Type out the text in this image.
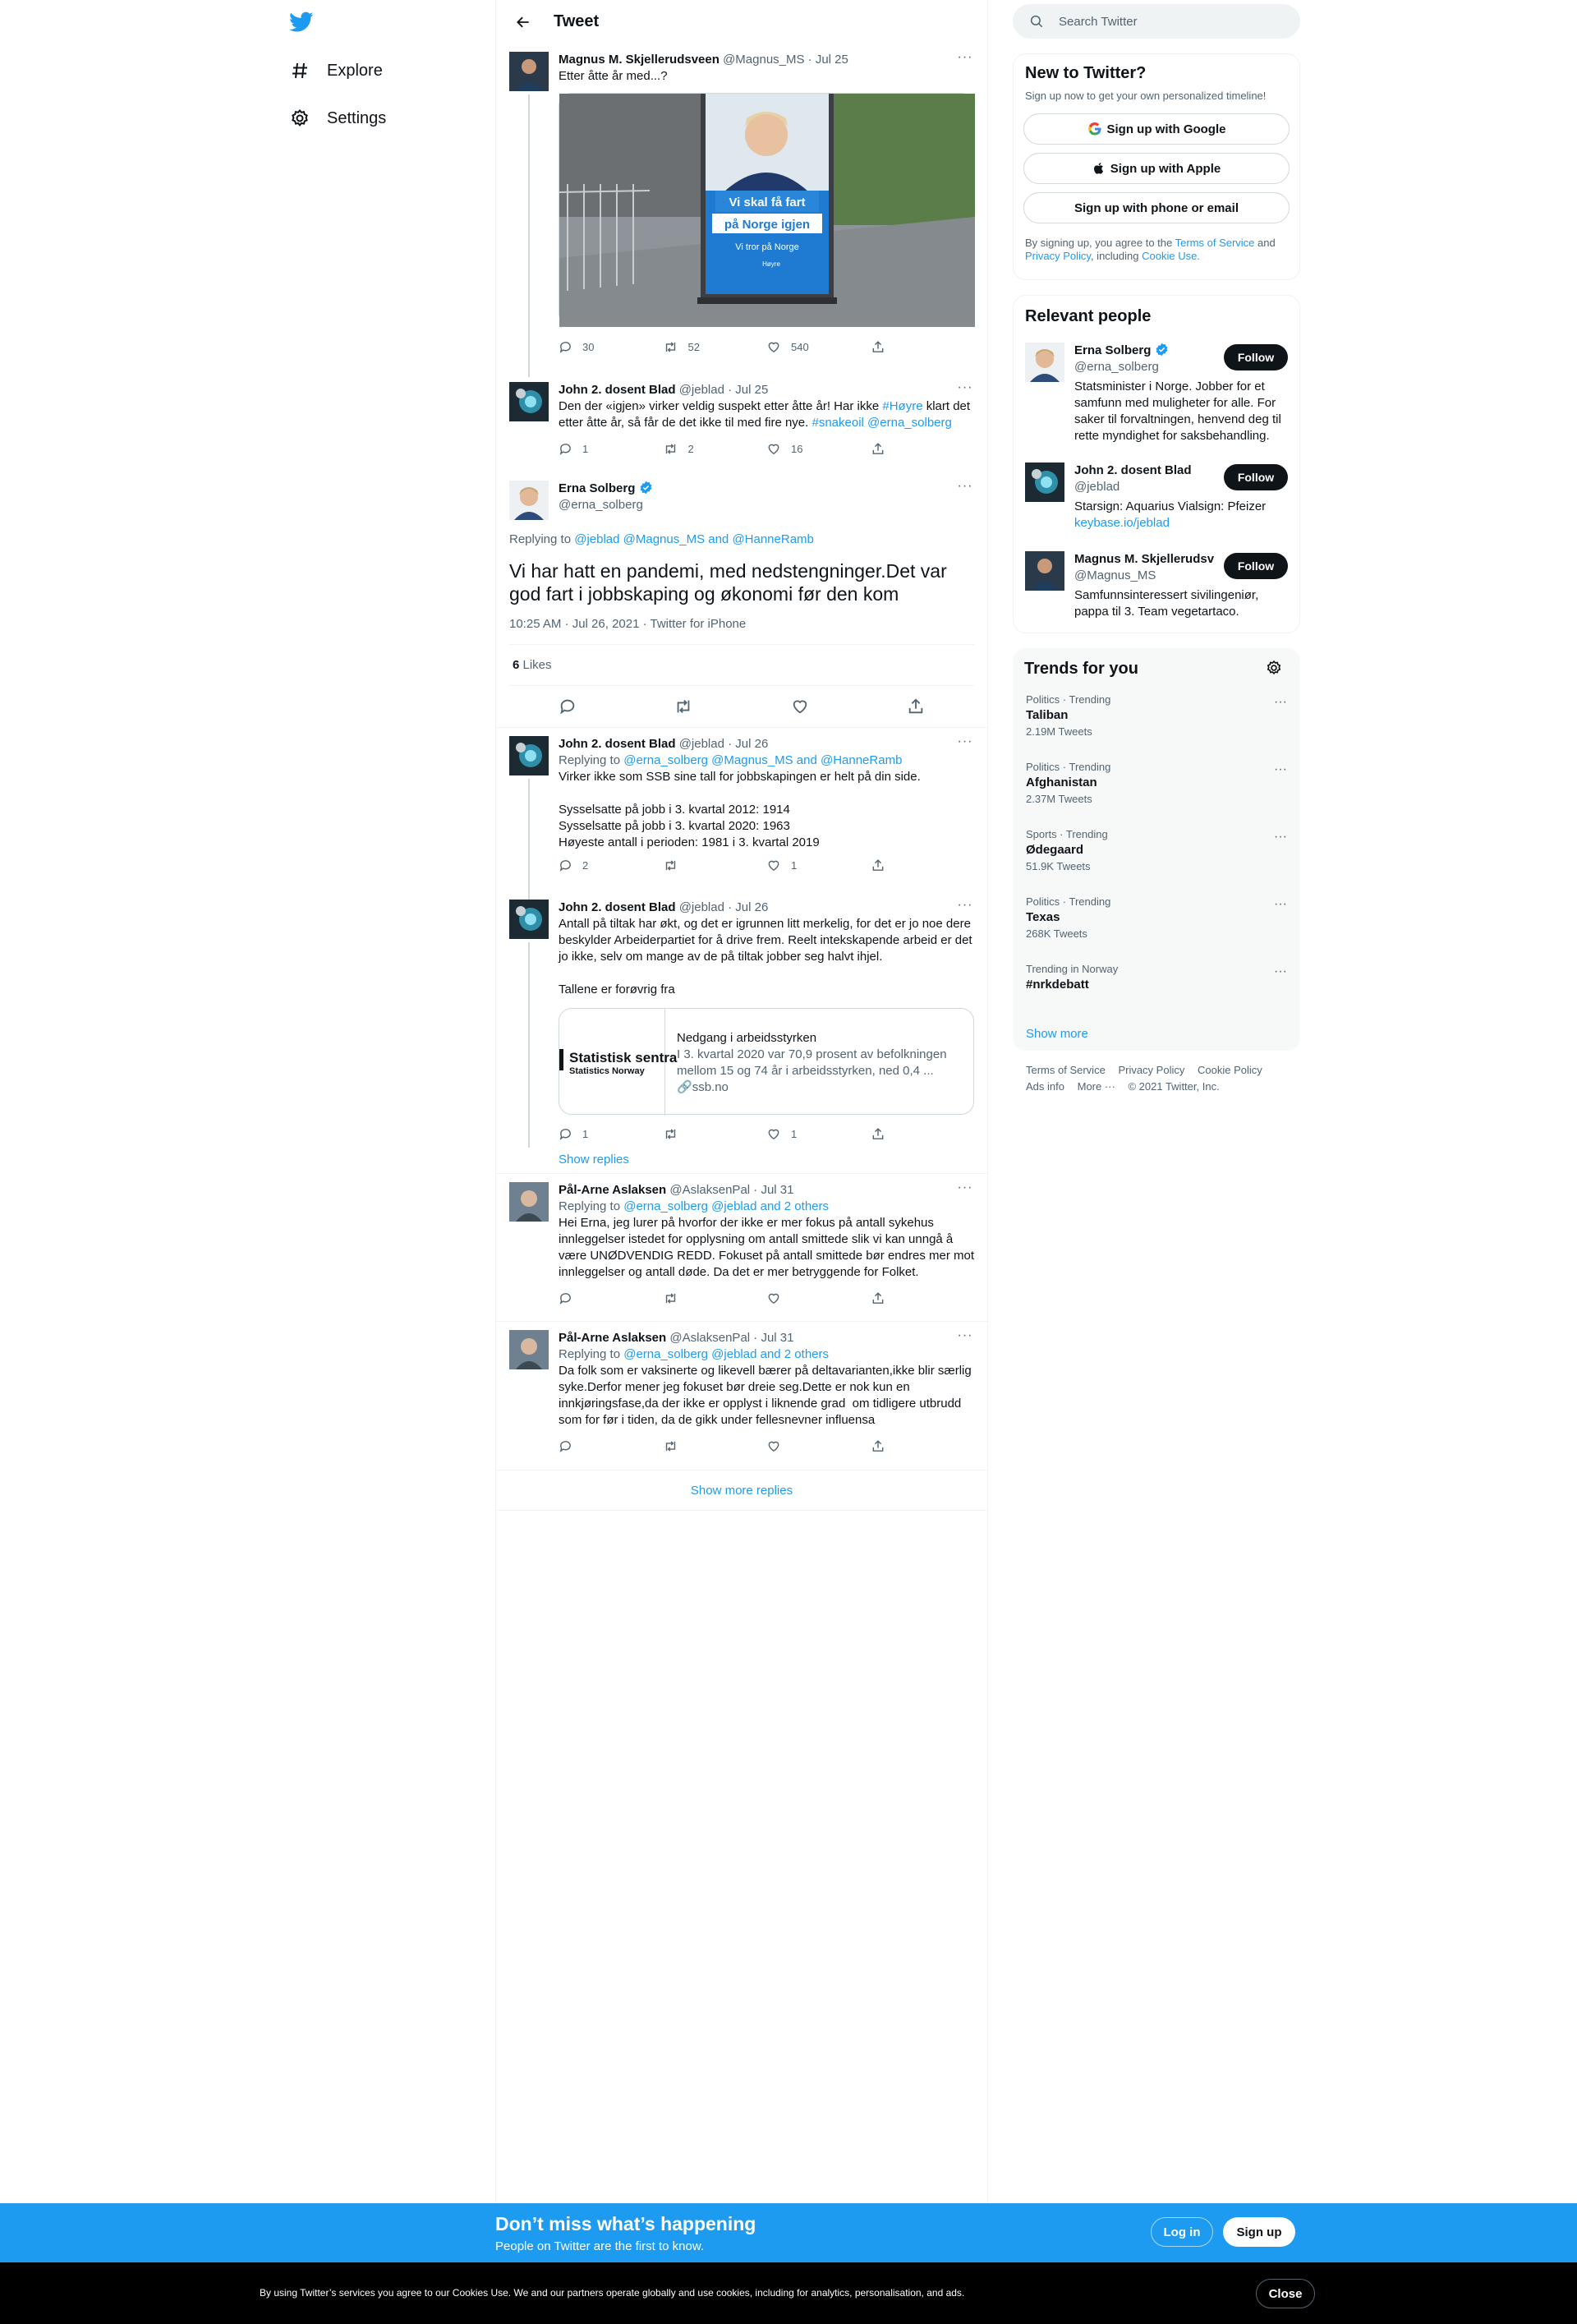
Explore
Settings
Tweet
Magnus M. Skjellerudsveen @Magnus_MS · Jul 25	···
Etter åtte år med...?
Vi skal få fart
på Norge igjen
Vi tror på Norge
Høyre
30	52	540
John 2. dosent Blad @jeblad · Jul 25	···
Den der «igjen» virker veldig suspekt etter åtte år! Har ikke #Høyre klart det etter åtte år, så får de det ikke til med fire nye. #snakeoil @erna_solberg
1	2	16
Erna Solberg
@erna_solberg
···
Replying to @jeblad @Magnus_MS and @HanneRamb
Vi har hatt en pandemi, med nedstengninger.Det var god fart i jobbskaping og økonomi før den kom
10:25 AM · Jul 26, 2021 · Twitter for iPhone
6 Likes
John 2. dosent Blad @jeblad · Jul 26	···
Replying to @erna_solberg @Magnus_MS and @HanneRamb
Virker ikke som SSB sine tall for jobbskapingen er helt på din side.

Sysselsatte på jobb i 3. kvartal 2012: 1914
Sysselsatte på jobb i 3. kvartal 2020: 1963
Høyeste antall i perioden: 1981 i 3. kvartal 2019
2	1
John 2. dosent Blad @jeblad · Jul 26	···
Antall på tiltak har økt, og det er igrunnen litt merkelig, for det er jo noe dere beskylder Arbeiderpartiet for å drive frem. Reelt intekskapende arbeid er det jo ikke, selv om mange av de på tiltak jobber seg halvt ihjel.

Tallene er forøvrig fra
Statistisk sentra
Statistics Norway
Nedgang i arbeidsstyrken
I 3. kvartal 2020 var 70,9 prosent av befolkningen mellom 15 og 74 år i arbeidsstyrken, ned 0,4 ...
🔗ssb.no
1	1
Show replies
Pål-Arne Aslaksen @AslaksenPal · Jul 31	···
Replying to @erna_solberg @jeblad and 2 others
Hei Erna, jeg lurer på hvorfor der ikke er mer fokus på antall sykehus innleggelser istedet for opplysning om antall smittede slik vi kan unngå å være UNØDVENDIG REDD. Fokuset på antall smittede bør endres mer mot innleggelser og antall døde. Da det er mer betryggende for Folket.
Pål-Arne Aslaksen @AslaksenPal · Jul 31	···
Replying to @erna_solberg @jeblad and 2 others
Da folk som er vaksinerte og likevell bærer på deltavarianten,ikke blir særlig syke.Derfor mener jeg fokuset bør dreie seg.Dette er nok kun en innkjøringsfase,da der ikke er opplyst i liknende grad  om tidligere utbrudd som for før i tiden, da de gikk under fellesnevner influensa
Show more replies
Search Twitter
New to Twitter?
Sign up now to get your own personalized timeline!
Sign up with Google
Sign up with Apple
Sign up with phone or email
By signing up, you agree to the Terms of Service and Privacy Policy, including Cookie Use.
Relevant people
Erna Solberg
@erna_solberg
Statsminister i Norge. Jobber for et samfunn med muligheter for alle. For saker til forvaltningen, henvend deg til rette myndighet for saksbehandling.
Follow
John 2. dosent Blad
@jeblad
Starsign: Aquarius Vialsign: Pfeizer keybase.io/jeblad
Follow
Magnus M. Skjellerudsv
@Magnus_MS
Samfunnsinteressert sivilingeniør, pappa til 3. Team vegetartaco.
Follow
Trends for you
Politics · Trending
Taliban
2.19M Tweets
···
Politics · Trending
Afghanistan
2.37M Tweets
···
Sports · Trending
Ødegaard
51.9K Tweets
···
Politics · Trending
Texas
268K Tweets
···
Trending in Norway
#nrkdebatt
···
Show more
Terms of Service Privacy Policy Cookie Policy
Ads info More ··· © 2021 Twitter, Inc.
Don’t miss what’s happening
People on Twitter are the first to know.
Log in	Sign up
By using Twitter’s services you agree to our Cookies Use. We and our partners operate globally and use cookies, including for analytics, personalisation, and ads.	Close
